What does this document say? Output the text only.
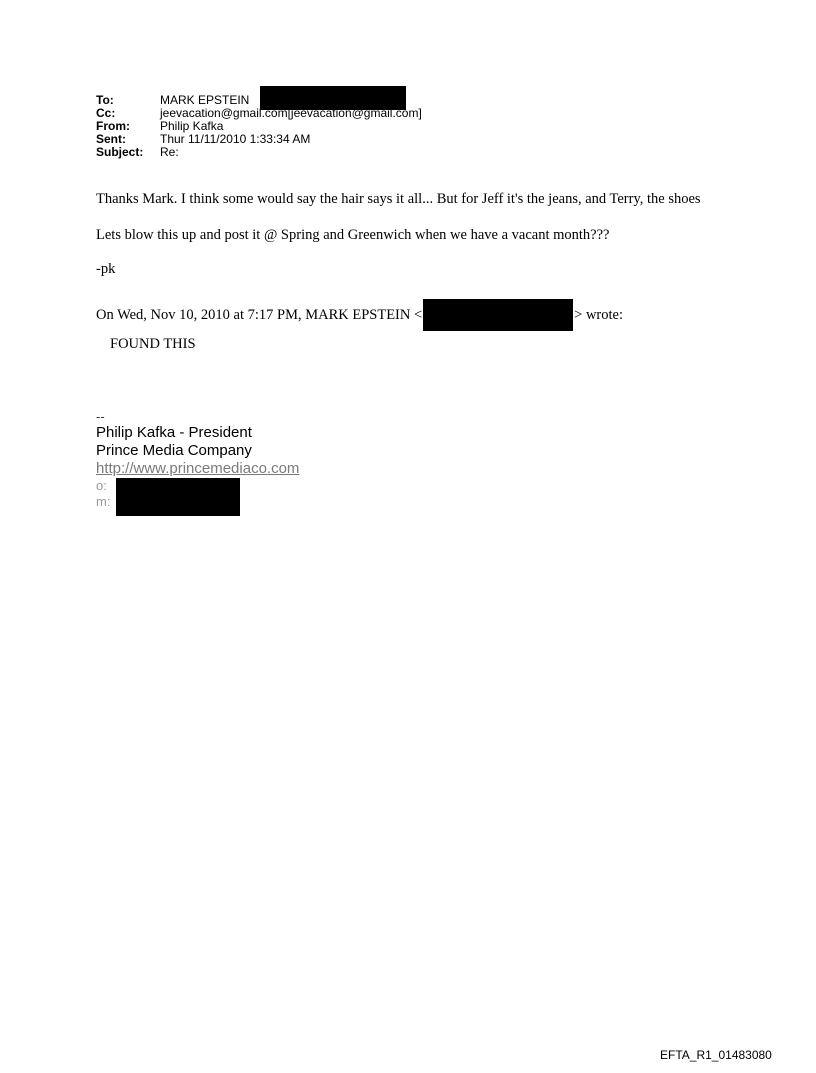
To:	MARK EPSTEIN
Cc:	jeevacation@gmail.com[jeevacation@gmail.com]
From:	Philip Kafka
Sent:	Thur 11/11/2010 1:33:34 AM
Subject:	Re:

Thanks Mark. I think some would say the hair says it all... But for Jeff it's the jeans, and Terry, the shoes

Lets blow this up and post it @ Spring and Greenwich when we have a vacant month???

-pk

On Wed, Nov 10, 2010 at 7:17 PM, MARK EPSTEIN <	> wrote:

FOUND THIS

--
Philip Kafka - President
Prince Media Company
http://www.princemediaco.com
o:
m:
EFTA_R1_01483080
